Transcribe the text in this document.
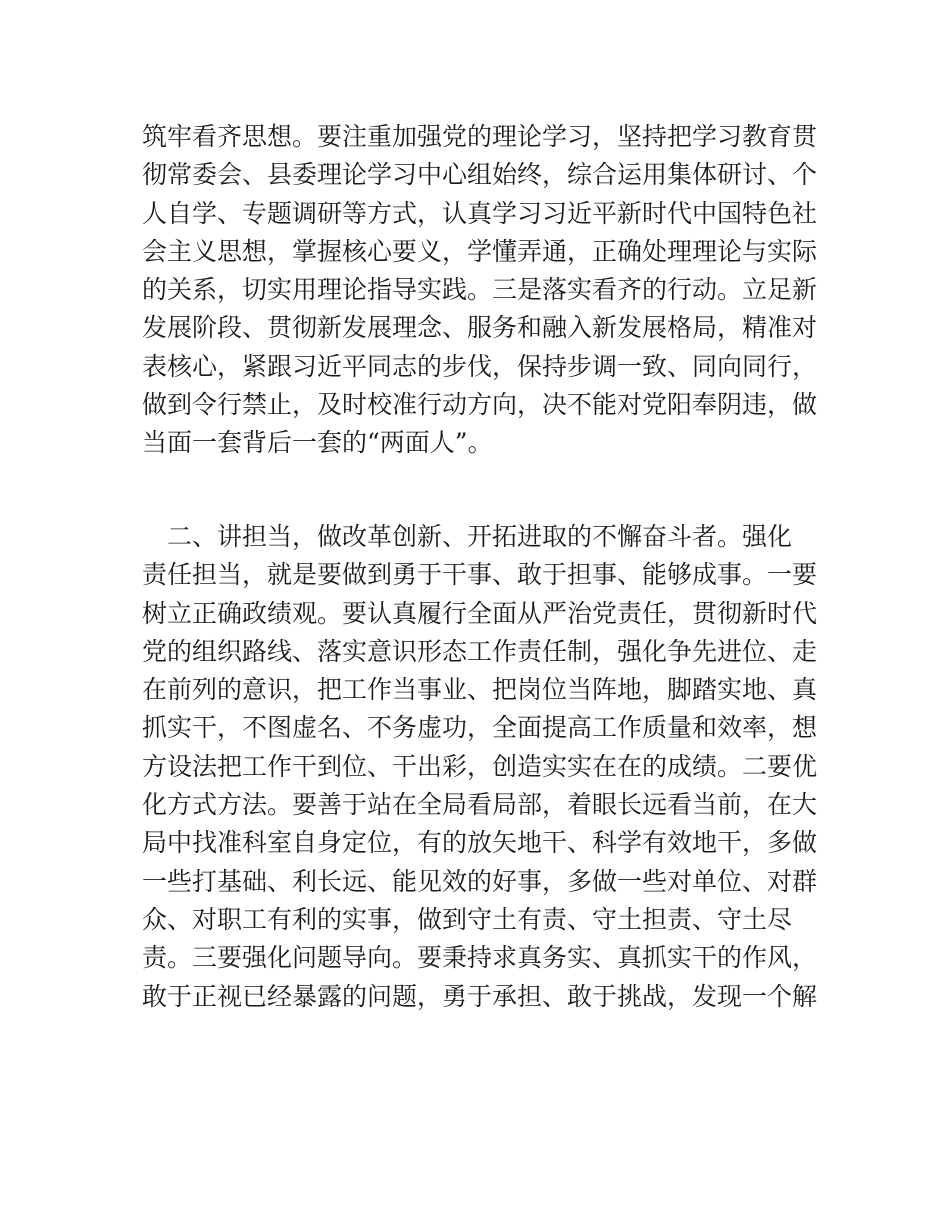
筑牢看齐思想。要注重加强党的理论学习，坚持把学习教育贯
彻常委会、县委理论学习中心组始终，综合运用集体研讨、个
人自学、专题调研等方式，认真学习习近平新时代中国特色社
会主义思想，掌握核心要义，学懂弄通，正确处理理论与实际
的关系，切实用理论指导实践。三是落实看齐的行动。立足新
发展阶段、贯彻新发展理念、服务和融入新发展格局，精准对
表核心，紧跟习近平同志的步伐，保持步调一致、同向同行，
做到令行禁止，及时校准行动方向，决不能对党阳奉阴违，做
当面一套背后一套的“两面人”。
　二、讲担当，做改革创新、开拓进取的不懈奋斗者。强化
责任担当，就是要做到勇于干事、敢于担事、能够成事。一要
树立正确政绩观。要认真履行全面从严治党责任，贯彻新时代
党的组织路线、落实意识形态工作责任制，强化争先进位、走
在前列的意识，把工作当事业、把岗位当阵地，脚踏实地、真
抓实干，不图虚名、不务虚功，全面提高工作质量和效率，想
方设法把工作干到位、干出彩，创造实实在在的成绩。二要优
化方式方法。要善于站在全局看局部，着眼长远看当前，在大
局中找准科室自身定位，有的放矢地干、科学有效地干，多做
一些打基础、利长远、能见效的好事，多做一些对单位、对群
众、对职工有利的实事，做到守土有责、守土担责、守土尽
责。三要强化问题导向。要秉持求真务实、真抓实干的作风，
敢于正视已经暴露的问题，勇于承担、敢于挑战，发现一个解
